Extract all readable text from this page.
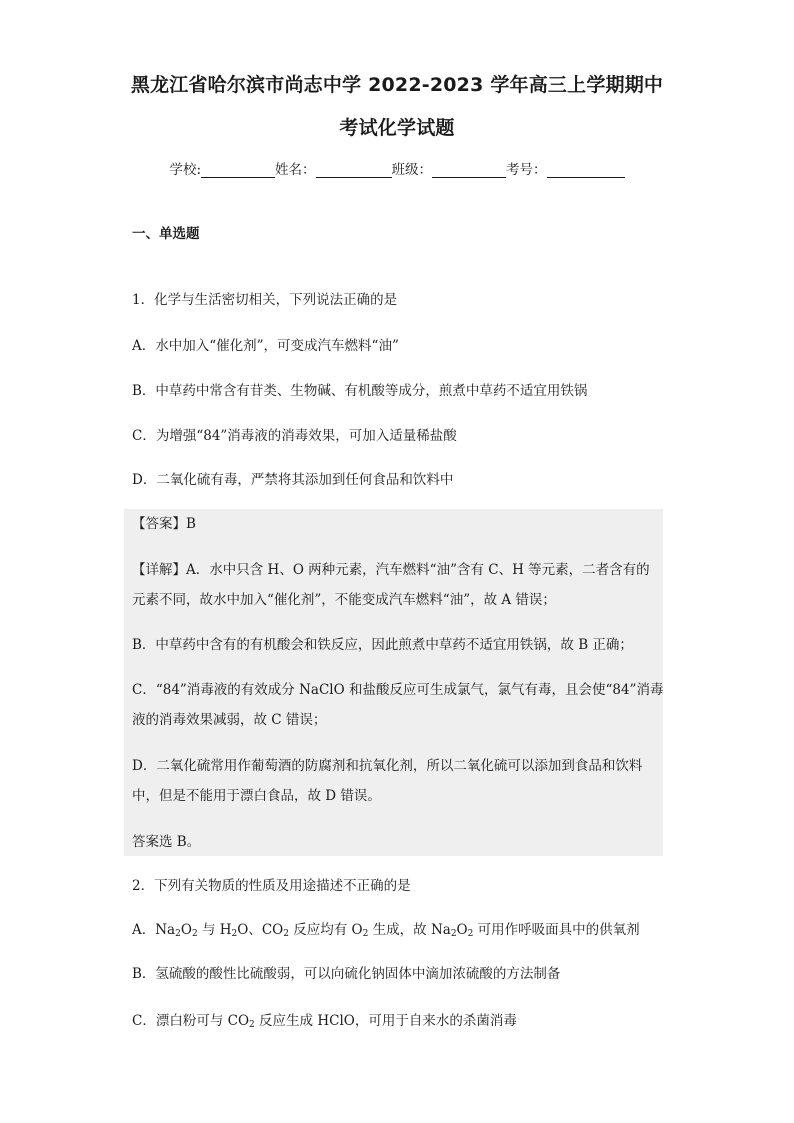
黑龙江省哈尔滨市尚志中学 2022-2023 学年高三上学期期中
考试化学试题
学校:	姓名：	班级：	考号：
一、单选题
1．化学与生活密切相关，下列说法正确的是
A．水中加入“催化剂”，可变成汽车燃料“油”
B．中草药中常含有苷类、生物碱、有机酸等成分，煎煮中草药不适宜用铁锅
C．为增强“84”消毒液的消毒效果，可加入适量稀盐酸
D．二氧化硫有毒，严禁将其添加到任何食品和饮料中
【答案】B
【详解】A．水中只含 H、O 两种元素，汽车燃料“油”含有 C、H 等元素，二者含有的
元素不同，故水中加入“催化剂”，不能变成汽车燃料“油”，故 A 错误；
B．中草药中含有的有机酸会和铁反应，因此煎煮中草药不适宜用铁锅，故 B 正确；
C．“84”消毒液的有效成分 NaClO 和盐酸反应可生成氯气，氯气有毒，且会使“84”消毒
液的消毒效果减弱，故 C 错误；
D．二氧化硫常用作葡萄酒的防腐剂和抗氧化剂，所以二氧化硫可以添加到食品和饮料
中，但是不能用于漂白食品，故 D 错误。
答案选 B。
2．下列有关物质的性质及用途描述不正确的是
A．$Na_2O_2$ 与 $H_2O$、$CO_2$ 反应均有 $O_2$ 生成，故 $Na_2O_2$ 可用作呼吸面具中的供氧剂
B．氢硫酸的酸性比硫酸弱，可以向硫化钠固体中滴加浓硫酸的方法制备
C．漂白粉可与 $CO_2$ 反应生成 HClO，可用于自来水的杀菌消毒
